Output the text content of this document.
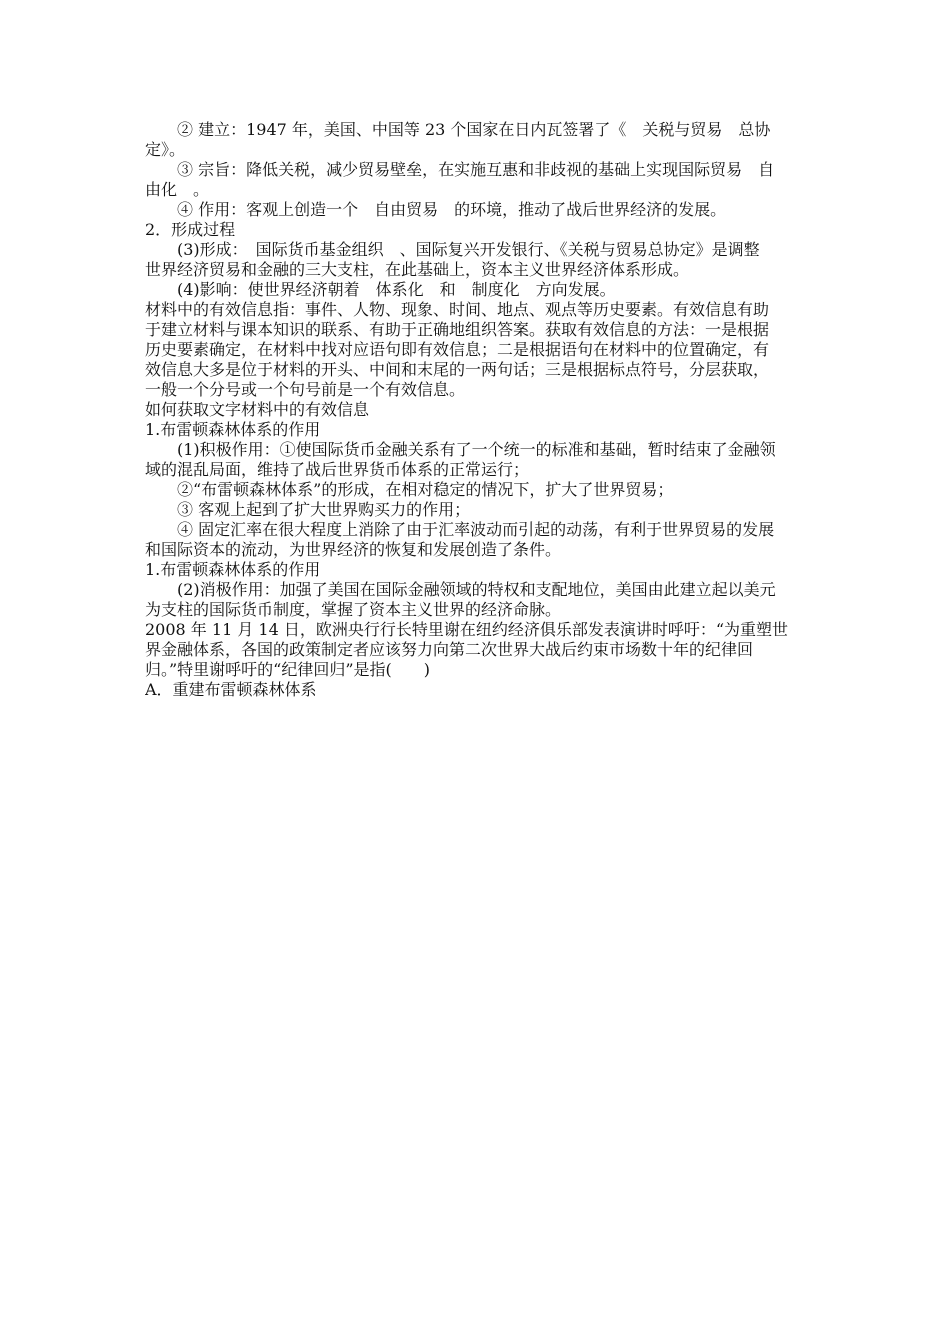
② 建立：1947 年，美国、中国等 23 个国家在日内瓦签署了《　关税与贸易　总协

定》。

③ 宗旨：降低关税，减少贸易壁垒，在实施互惠和非歧视的基础上实现国际贸易　自

由化　。

④ 作用：客观上创造一个　自由贸易　的环境，推动了战后世界经济的发展。

2．形成过程

(3)形成：　国际货币基金组织　、国际复兴开发银行、《关税与贸易总协定》是调整

世界经济贸易和金融的三大支柱，在此基础上，资本主义世界经济体系形成。

(4)影响：使世界经济朝着　体系化　和　制度化　方向发展。

材料中的有效信息指：事件、人物、现象、时间、地点、观点等历史要素。有效信息有助

于建立材料与课本知识的联系、有助于正确地组织答案。获取有效信息的方法：一是根据

历史要素确定，在材料中找对应语句即有效信息；二是根据语句在材料中的位置确定，有

效信息大多是位于材料的开头、中间和末尾的一两句话；三是根据标点符号，分层获取，

一般一个分号或一个句号前是一个有效信息。

如何获取文字材料中的有效信息

1.布雷顿森林体系的作用

(1)积极作用：①使国际货币金融关系有了一个统一的标准和基础，暂时结束了金融领

域的混乱局面，维持了战后世界货币体系的正常运行；

②“布雷顿森林体系”的形成，在相对稳定的情况下，扩大了世界贸易；

③ 客观上起到了扩大世界购买力的作用；

④ 固定汇率在很大程度上消除了由于汇率波动而引起的动荡，有利于世界贸易的发展

和国际资本的流动，为世界经济的恢复和发展创造了条件。

1.布雷顿森林体系的作用

(2)消极作用：加强了美国在国际金融领域的特权和支配地位，美国由此建立起以美元

为支柱的国际货币制度，掌握了资本主义世界的经济命脉。

2008 年 11 月 14 日，欧洲央行行长特里谢在纽约经济俱乐部发表演讲时呼吁：“为重塑世

界金融体系，各国的政策制定者应该努力向第二次世界大战后约束市场数十年的纪律回

归。”特里谢呼吁的“纪律回归”是指(　　)

A．重建布雷顿森林体系
